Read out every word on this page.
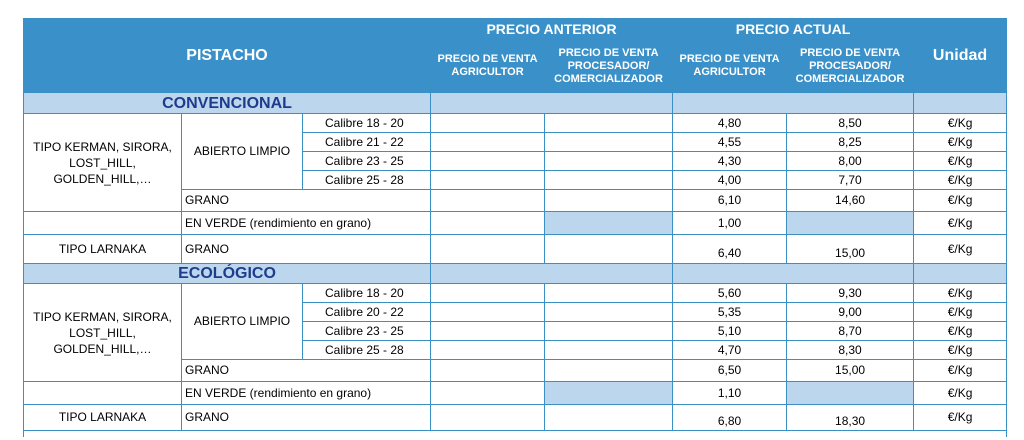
PISTACHO			PRECIO ANTERIOR		PRECIO ACTUAL		Unidad
			PRECIO DE VENTA AGRICULTOR	PRECIO DE VENTA PROCESADOR/ COMERCIALIZADOR	PRECIO DE VENTA AGRICULTOR	PRECIO DE VENTA PROCESADOR/ COMERCIALIZADOR	
CONVENCIONAL							
TIPO KERMAN, SIRORA, LOST_HILL, GOLDEN_HILL,…	ABIERTO LIMPIO	Calibre 18 - 20			4,80	8,50	€/Kg
		Calibre 21 - 22			4,55	8,25	€/Kg
		Calibre 23 - 25			4,30	8,00	€/Kg
		Calibre 25 - 28			4,00	7,70	€/Kg
	GRANO				6,10	14,60	€/Kg
	EN VERDE (rendimiento en grano)				1,00		€/Kg
TIPO LARNAKA	GRANO				6,40	15,00	€/Kg
ECOLÓGICO							
TIPO KERMAN, SIRORA, LOST_HILL, GOLDEN_HILL,…	ABIERTO LIMPIO	Calibre 18 - 20			5,60	9,30	€/Kg
		Calibre 20 - 22			5,35	9,00	€/Kg
		Calibre 23 - 25			5,10	8,70	€/Kg
		Calibre 25 - 28			4,70	8,30	€/Kg
	GRANO				6,50	15,00	€/Kg
	EN VERDE (rendimiento en grano)				1,10		€/Kg
TIPO LARNAKA	GRANO				6,80	18,30	€/Kg
